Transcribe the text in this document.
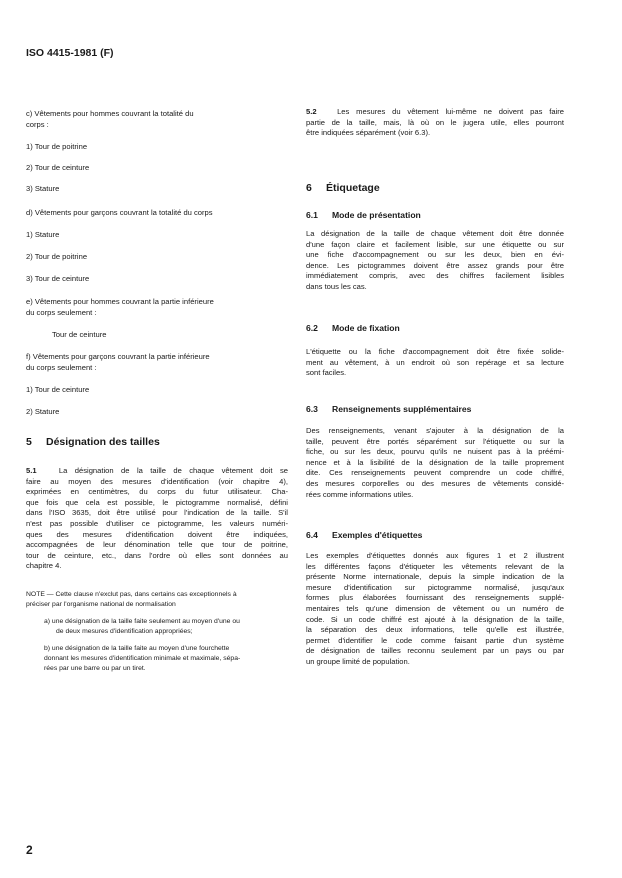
ISO 4415-1981 (F)
c) Vêtements pour hommes couvrant la totalité du
corps :
1) Tour de poitrine
2) Tour de ceinture
3) Stature
d) Vêtements pour garçons couvrant la totalité du corps
1) Stature
2) Tour de poitrine
3) Tour de ceinture
e) Vêtements pour hommes couvrant la partie inférieure
du corps seulement :
Tour de ceinture
f) Vêtements pour garçons couvrant la partie inférieure
du corps seulement :
1) Tour de ceinture
2) Stature
5 Désignation des tailles
5.1	La désignation de la taille de chaque vêtement doit se
faire au moyen des mesures d'identification (voir chapitre 4),
exprimées en centimètres, du corps du futur utilisateur. Cha-
que fois que cela est possible, le pictogramme normalisé, défini
dans l'ISO 3635, doit être utilisé pour l'indication de la taille. S'il
n'est pas possible d'utiliser ce pictogramme, les valeurs numéri-
ques des mesures d'identification doivent être indiquées,
accompagnées de leur dénomination telle que tour de poitrine,
tour de ceinture, etc., dans l'ordre où elles sont données au
chapitre 4.
NOTE — Cette clause n'exclut pas, dans certains cas exceptionnels à
préciser par l'organisme national de normalisation
a) une désignation de la taille faite seulement au moyen d'une ou
de deux mesures d'identification appropriées;
b) une désignation de la taille faite au moyen d'une fourchette
donnant les mesures d'identification minimale et maximale, sépa-
rées par une barre ou par un tiret.
5.2	Les mesures du vêtement lui-même ne doivent pas faire
partie de la taille, mais, là où on le jugera utile, elles pourront
être indiquées séparément (voir 6.3).
6 Étiquetage
6.1 Mode de présentation
La désignation de la taille de chaque vêtement doit être donnée
d'une façon claire et facilement lisible, sur une étiquette ou sur
une fiche d'accompagnement ou sur les deux, bien en évi-
dence. Les pictogrammes doivent être assez grands pour être
immédiatement compris, avec des chiffres facilement lisibles
dans tous les cas.
6.2 Mode de fixation
L'étiquette ou la fiche d'accompagnement doit être fixée solide-
ment au vêtement, à un endroit où son repérage et sa lecture
sont faciles.
6.3 Renseignements supplémentaires
Des renseignements, venant s'ajouter à la désignation de la
taille, peuvent être portés séparément sur l'étiquette ou sur la
fiche, ou sur les deux, pourvu qu'ils ne nuisent pas à la préémi-
nence et à la lisibilité de la désignation de la taille proprement
dite. Ces renseignements peuvent comprendre un code chiffré,
des mesures corporelles ou des mesures de vêtements considé-
rées comme informations utiles.
6.4 Exemples d'étiquettes
Les exemples d'étiquettes donnés aux figures 1 et 2 illustrent
les différentes façons d'étiqueter les vêtements relevant de la
présente Norme internationale, depuis la simple indication de la
mesure d'identification sur pictogramme normalisé, jusqu'aux
formes plus élaborées fournissant des renseignements supplé-
mentaires tels qu'une dimension de vêtement ou un numéro de
code. Si un code chiffré est ajouté à la désignation de la taille,
la séparation des deux informations, telle qu'elle est illustrée,
permet d'identifier le code comme faisant partie d'un système
de désignation de tailles reconnu seulement par un pays ou par
un groupe limité de population.
2
